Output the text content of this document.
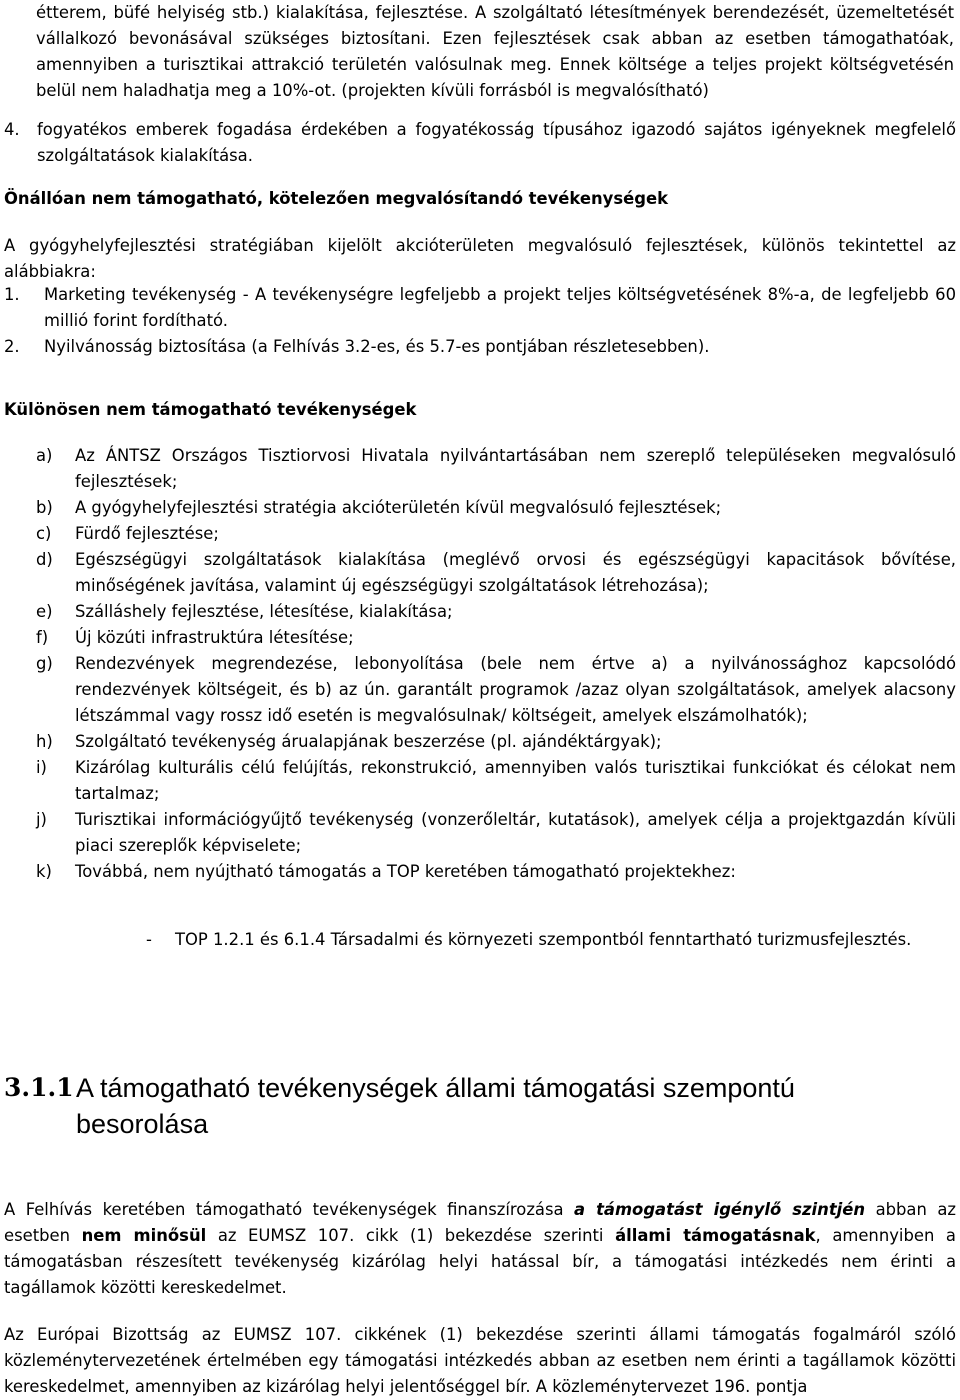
étterem, büfé helyiség stb.) kialakítása, fejlesztése. A szolgáltató létesítmények berendezését, üzemeltetését vállalkozó bevonásával szükséges biztosítani. Ezen fejlesztések csak abban az esetben támogathatóak, amennyiben a turisztikai attrakció területén valósulnak meg. Ennek költsége a teljes projekt költségvetésén belül nem haladhatja meg a 10%-ot. (projekten kívüli forrásból is megvalósítható)

4.	fogyatékos emberek fogadása érdekében a fogyatékosság típusához igazodó sajátos igényeknek megfelelő szolgáltatások kialakítása.
Önállóan nem támogatható, kötelezően megvalósítandó tevékenységek

A gyógyhelyfejlesztési stratégiában kijelölt akcióterületen megvalósuló fejlesztések, különös tekintettel az alábbiakra:

1.	Marketing tevékenység - A tevékenységre legfeljebb a projekt teljes költségvetésének 8%-a, de legfeljebb 60 millió forint fordítható.
2.	Nyilvánosság biztosítása (a Felhívás 3.2-es, és 5.7-es pontjában részletesebben).
Különösen nem támogatható tevékenységek
a)	Az ÁNTSZ Országos Tisztiorvosi Hivatala nyilvántartásában nem szereplő településeken megvalósuló fejlesztések;
b)	A gyógyhelyfejlesztési stratégia akcióterületén kívül megvalósuló fejlesztések;
c)	Fürdő fejlesztése;
d)	Egészségügyi szolgáltatások kialakítása (meglévő orvosi és egészségügyi kapacitások bővítése, minőségének javítása, valamint új egészségügyi szolgáltatások létrehozása);
e)	Szálláshely fejlesztése, létesítése, kialakítása;
f)	Új közúti infrastruktúra létesítése;
g)	Rendezvények megrendezése, lebonyolítása (bele nem értve a) a nyilvánossághoz kapcsolódó rendezvények költségeit, és b) az ún. garantált programok /azaz olyan szolgáltatások, amelyek alacsony létszámmal vagy rossz idő esetén is megvalósulnak/ költségeit, amelyek elszámolhatók);
h)	Szolgáltató tevékenység árualapjának beszerzése (pl. ajándéktárgyak);
i)	Kizárólag kulturális célú felújítás, rekonstrukció, amennyiben valós turisztikai funkciókat és célokat nem tartalmaz;
j)	Turisztikai információgyűjtő tevékenység (vonzerőleltár, kutatások), amelyek célja a projektgazdán kívüli piaci szereplők képviselete;
k)	Továbbá, nem nyújtható támogatás a TOP keretében támogatható projektekhez:
-	TOP 1.2.1 és 6.1.4 Társadalmi és környezeti szempontból fenntartható turizmusfejlesztés.
3.1.1 A támogatható tevékenységek állami támogatási szempontú besorolása

A Felhívás keretében támogatható tevékenységek finanszírozása a támogatást igénylő szintjén abban az esetben nem minősül az EUMSZ 107. cikk (1) bekezdése szerinti állami támogatásnak, amennyiben a támogatásban részesített tevékenység kizárólag helyi hatással bír, a támogatási intézkedés nem érinti a tagállamok közötti kereskedelmet.

Az Európai Bizottság az EUMSZ 107. cikkének (1) bekezdése szerinti állami támogatás fogalmáról szóló közleménytervezetének értelmében egy támogatási intézkedés abban az esetben nem érinti a tagállamok közötti kereskedelmet, amennyiben az kizárólag helyi jelentőséggel bír. A közleménytervezet 196. pontja
